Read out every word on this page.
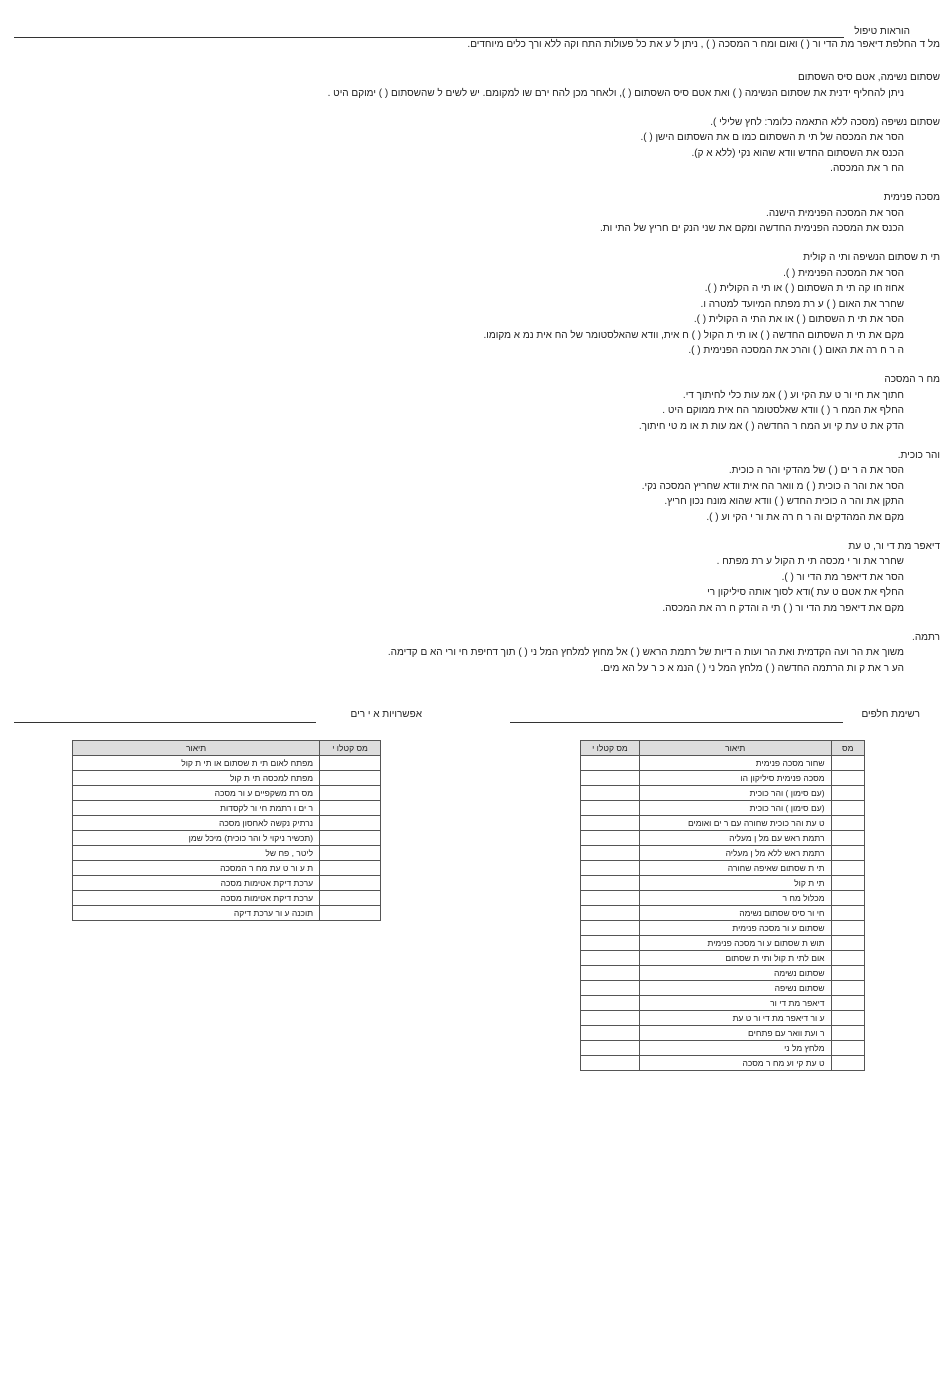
הוראות טיפול
מל ד החלפת דיאפר מת הדי ור ( ) ואום ומח ר המסכה ( ) , ניתן ל ע את כל פעולות התח וקה ללא ורך כלים מיוחדים.
שסתום נשימה, אטם סיס השסתום
ניתן להחליף ידנית את שסתום הנשימה ( ) ואת אטם סיס השסתום ( ), ולאחר מכן להח ירם שו למקומם. יש לשים ל שהשסתום ( ) ימוקם היט .
שסתום נשיפה (מסכה ללא התאמה כלומר: לחץ שלילי ).
הסר את המכסה של תי ת השסתום כמו ם את השסתום הישן ( ).
הכנס את השסתום החדש וודא שהוא נקי (ללא א ק).
הח ר את המכסה.
מסכה פנימית
הסר את המסכה הפנימית הישנה.
הכנס את המסכה הפנימית החדשה ומקם את שני הנק ים חריץ של התי ות.
תי ת שסתום הנשיפה ותי ה קולית
הסר את המסכה הפנימית ( ).
אחוז חו קה תי ת השסתום ( ) או תי ה הקולית ( ).
שחרר את האום ( ) ע רת מפתח המיועד למטרה ו.
הסר את תי ת השסתום ( ) או את התי ה הקולית ( ).
מקם את תי ת השסתום החדשה ( ) או תי ת הקול ( ) ח אית, וודא שהאלסטומר של הח אית נמ א מקומו.
ה ר ח רה את האום ( ) והרכ את המסכה הפנימית ( ).
מח ר המסכה
חתוך את חי ור ט עת הקי וע ( ) אמ עות כלי לחיתוך די.
החלף את המח ר ( ) וודא שאלסטומר הח אית ממוקם היט .
הדק את ט עת קי וע המח ר החדשה ( ) אמ עות ת או מ טי חיתוך.
והר כוכית.
הסר את ה ר ים ( ) של מהדקי והר ה כוכית.
הסר את והר ה כוכית ( ) מ וואר הח אית וודא שחריץ המסכה נקי.
התקן את והר ה כוכית החדש ( ) וודא שהוא מונח נכון חריץ.
מקם את המהדקים וה ר ח רה את ור י הקי וע ( ).
דיאפר מת די ור, ט עת
שחרר את ור י מכסה תי ת הקול ע רת מפתח .
הסר את דיאפר מת הדי ור ( ).
החלף את אטם ט עת )ודא לסוך אותה סיליקון רי
מקם את דיאפר מת הדי ור ( ) תי ה והדק ח רה את המכסה.
רתמה.
משוך את הר ועה הקדמית ואת הר ועות ה דיות של רתמת הראש ( ) אל מחוץ למלחץ המל ני ( ) תוך דחיפת חי ורי הא ם קדימה.
הע ר את ק ות הרתמה החדשה ( ) מלחץ המל ני ( ) הנמ א כ ר על הא מים.
רשימת חלפים
מס	תיאור	מס קטלו י
	שחור מסכה פנימית	
	מסכה פנימית סיליקון הו	
	(עם סימון ) והר כוכית	
	(עם סימון ) והר כוכית	
	ט עת והר כוכית שחורה עם ר ים ואומים	
	רתמת ראש עם מל ן מעליה	
	רתמת ראש ללא מל ן מעליה	
	תי ת שסתום שאיפה שחורה	
	תי ת קול	
	מכלול מח ר	
	חי ור סיס שסתום נשימה	
	שסתום ע ור מסכה פנימית	
	תוש ת שסתום ע ור מסכה פנימית	
	אום לתי ת קול ותי ת שסתום	
	שסתום נשימה	
	שסתום נשיפה	
	דיאפר מת די ור	
	ע ור דיאפר מת די ור ט עת	
	ר ועת וואר עם פתחים	
	מלחץ מל ני	
	ט עת קי וע מח ר מסכה	
אפשרויות א י רים
מס קטלו י	תיאור
	מפתח לאום תי ת שסתום או תי ת קול
	מפתח למכסה תי ת קול
	מס רת משקפיים ע ור מסכה
	ר ים ו רתמת חי ור לקסדות
	נרתיק נקשה לאחסון מסכה
	(תכשיר ניקוי ל והר כוכית) מיכל שמן
	ליטר , פח של
	ת ע ור ט עת מח ר המסכה
	ערכת דיקת אטימות מסכה
	ערכת דיקת אטימות מסכה
	תוכנה ע ור ערכת דיקה
